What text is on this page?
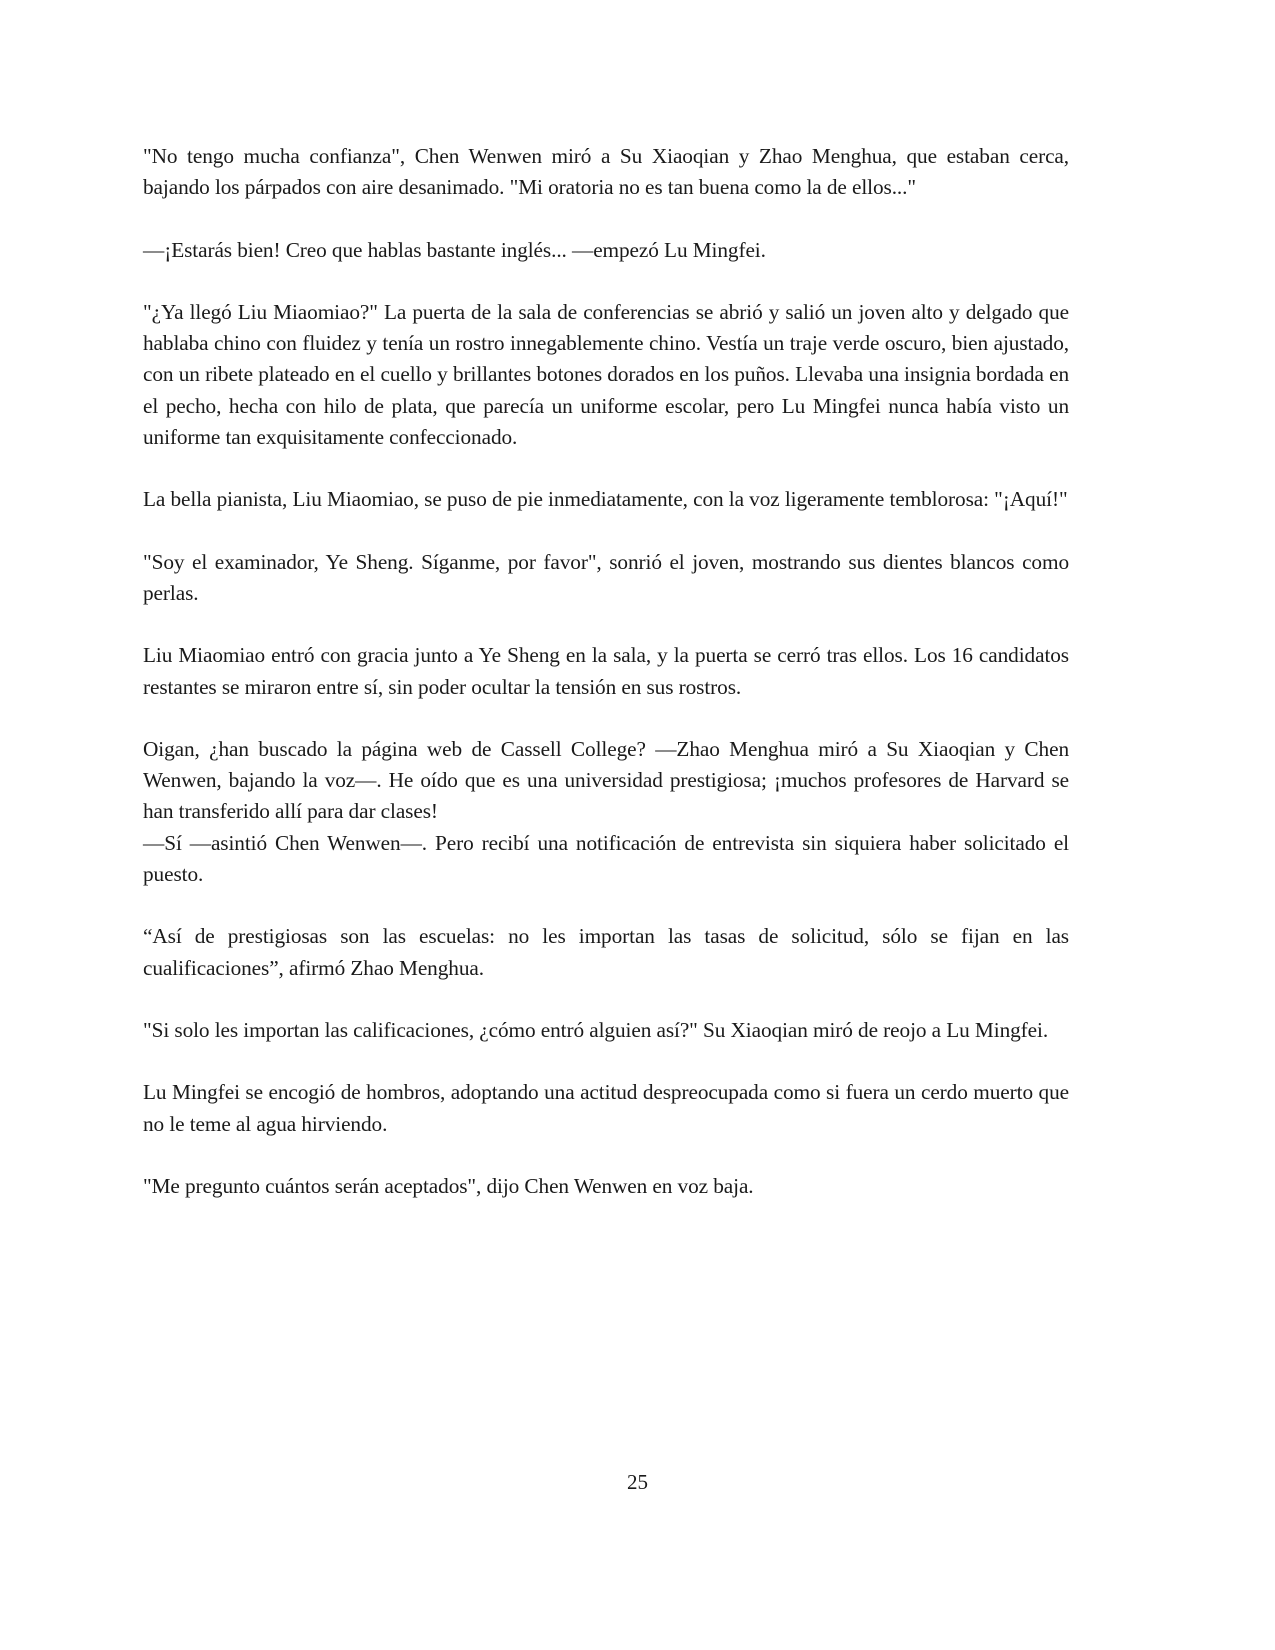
"No tengo mucha confianza", Chen Wenwen miró a Su Xiaoqian y Zhao Menghua, que estaban cerca, bajando los párpados con aire desanimado. "Mi oratoria no es tan buena como la de ellos..."

—¡Estarás bien! Creo que hablas bastante inglés... —empezó Lu Mingfei.

"¿Ya llegó Liu Miaomiao?" La puerta de la sala de conferencias se abrió y salió un joven alto y delgado que hablaba chino con fluidez y tenía un rostro innegablemente chino. Vestía un traje verde oscuro, bien ajustado, con un ribete plateado en el cuello y brillantes botones dorados en los puños. Llevaba una insignia bordada en el pecho, hecha con hilo de plata, que parecía un uniforme escolar, pero Lu Mingfei nunca había visto un uniforme tan exquisitamente confeccionado.

La bella pianista, Liu Miaomiao, se puso de pie inmediatamente, con la voz ligeramente temblorosa: "¡Aquí!"

"Soy el examinador, Ye Sheng. Síganme, por favor", sonrió el joven, mostrando sus dientes blancos como perlas.

Liu Miaomiao entró con gracia junto a Ye Sheng en la sala, y la puerta se cerró tras ellos. Los 16 candidatos restantes se miraron entre sí, sin poder ocultar la tensión en sus rostros.

Oigan, ¿han buscado la página web de Cassell College? —Zhao Menghua miró a Su Xiaoqian y Chen Wenwen, bajando la voz—. He oído que es una universidad prestigiosa; ¡muchos profesores de Harvard se han transferido allí para dar clases!

—Sí —asintió Chen Wenwen—. Pero recibí una notificación de entrevista sin siquiera haber solicitado el puesto.

“Así de prestigiosas son las escuelas: no les importan las tasas de solicitud, sólo se fijan en las cualificaciones”, afirmó Zhao Menghua.

"Si solo les importan las calificaciones, ¿cómo entró alguien así?" Su Xiaoqian miró de reojo a Lu Mingfei.

Lu Mingfei se encogió de hombros, adoptando una actitud despreocupada como si fuera un cerdo muerto que no le teme al agua hirviendo.

"Me pregunto cuántos serán aceptados", dijo Chen Wenwen en voz baja.

25
